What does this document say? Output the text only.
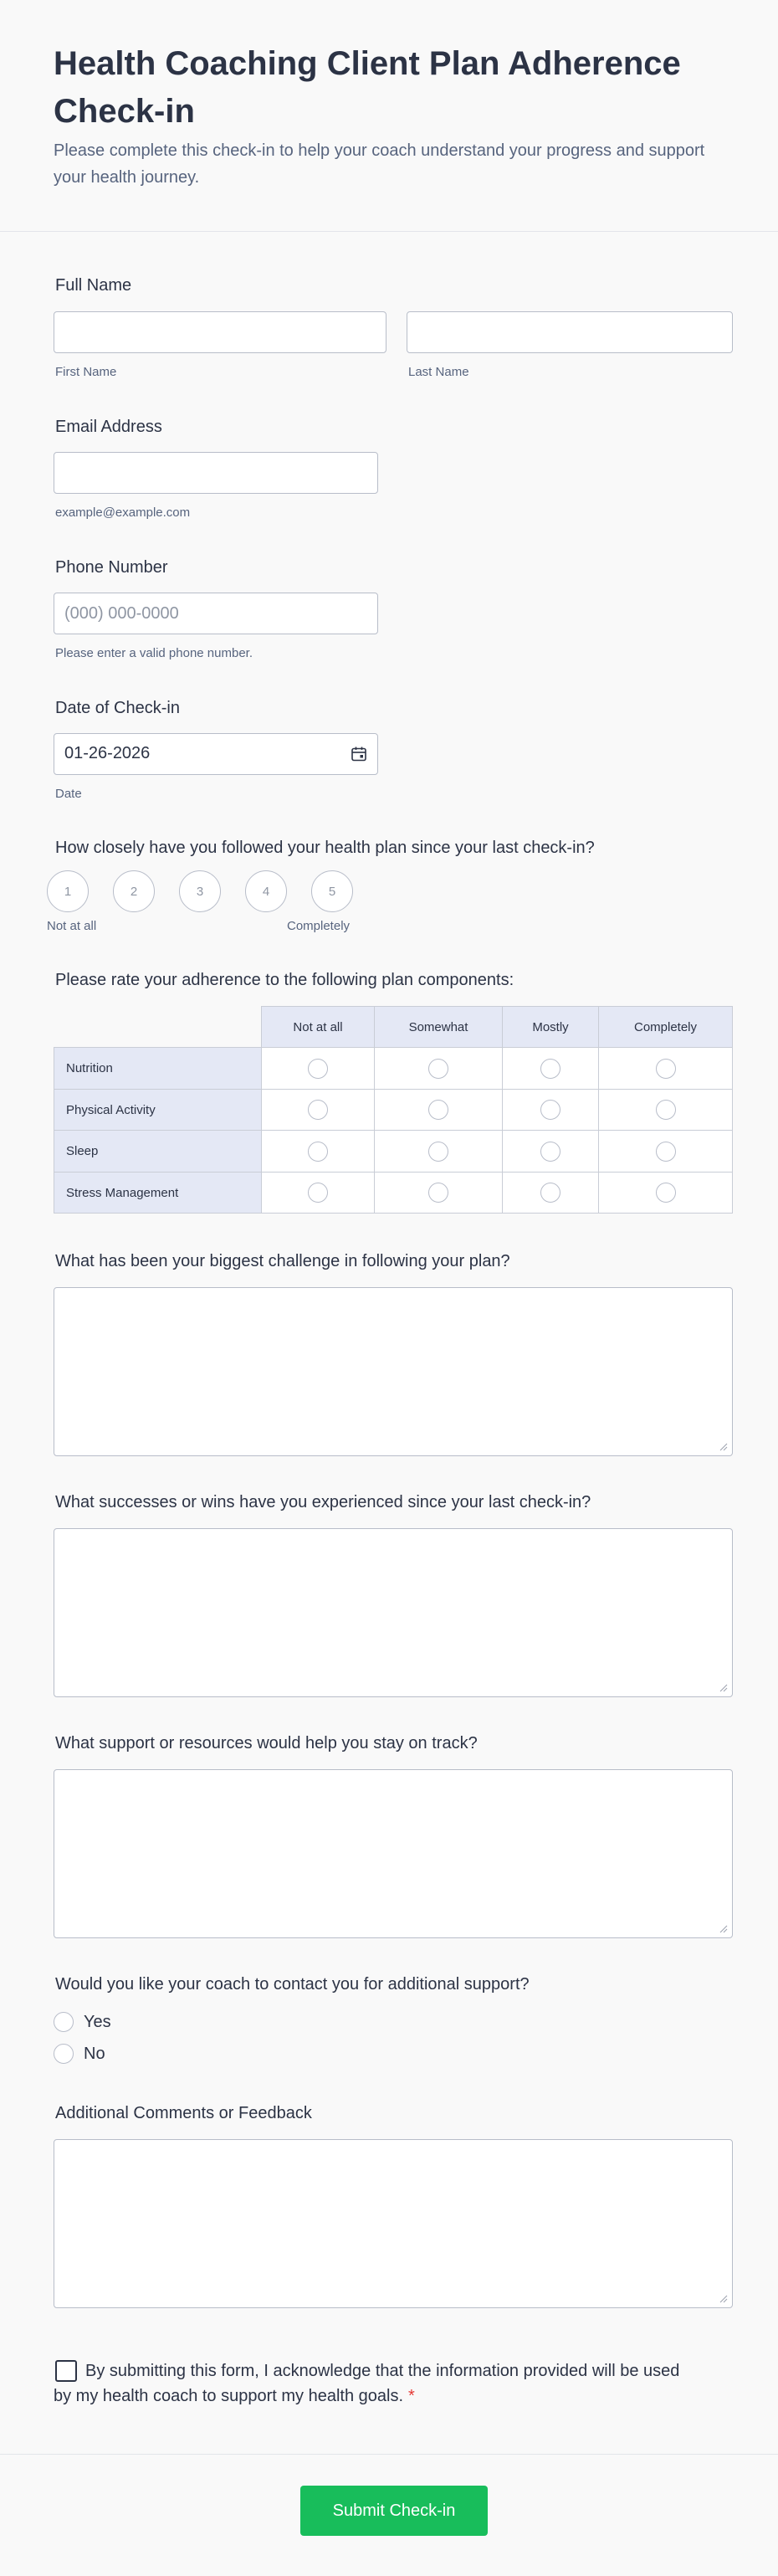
Health Coaching Client Plan Adherence Check-in

Please complete this check-in to help your coach understand your progress and support your health journey.

Full Name
First Name	Last Name
Email Address
example@example.com
Phone Number
(000) 000-0000
Please enter a valid phone number.
Date of Check-in
01-26-2026
Date
How closely have you followed your health plan since your last check-in?
1	2	3	4	5
Not at all	Completely
Please rate your adherence to the following plan components:
Not at all	Somewhat	Mostly	Completely
Nutrition
Physical Activity
Sleep
Stress Management
What has been your biggest challenge in following your plan?
What successes or wins have you experienced since your last check-in?
What support or resources would help you stay on track?
Would you like your coach to contact you for additional support?
Yes
No
Additional Comments or Feedback
By submitting this form, I acknowledge that the information provided will be used by my health coach to support my health goals. *
Submit Check-in
